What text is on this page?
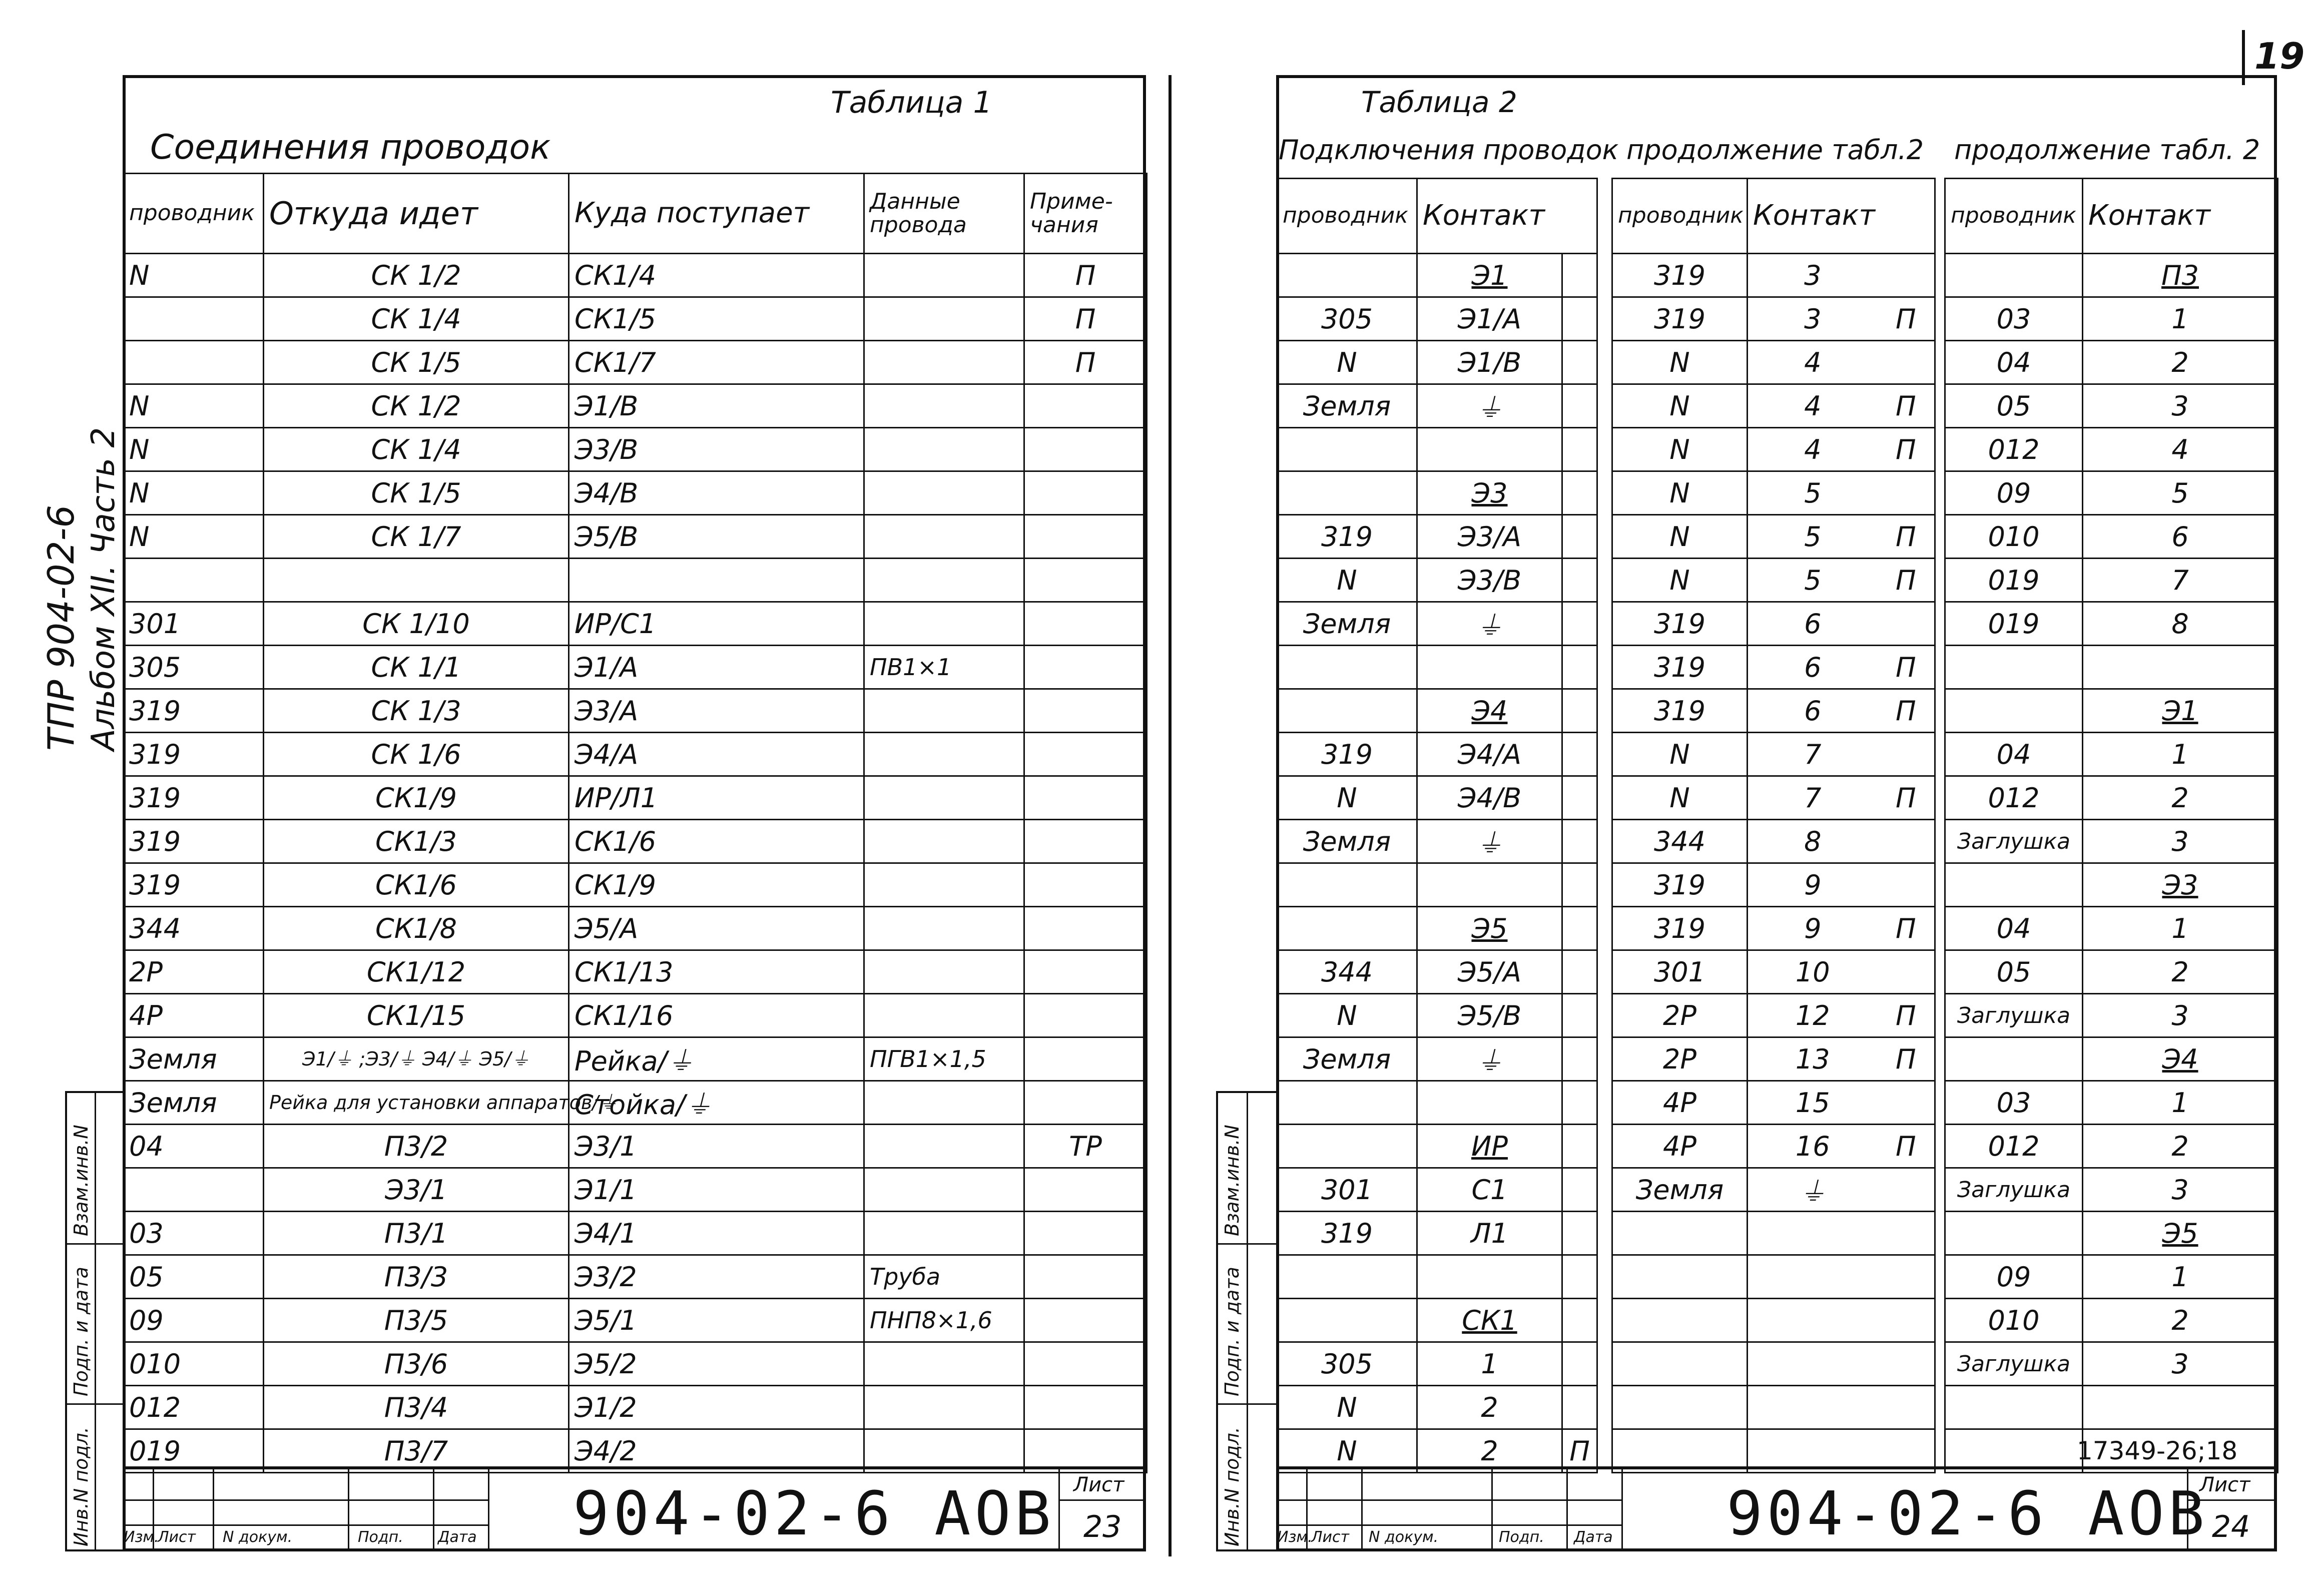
19
ТПР 904-02-6 Альбом XII. Часть 2
Инв.N подл.
Подп. и дата
Взам.инв.N
Таблица 1
Соединения проводок
проводник	Откуда идет	Куда поступает	Данные провода	Приме-чания
N	СК 1/2	СК1/4		П
	СК 1/4	СК1/5		П
	СК 1/5	СК1/7		П
N	СК 1/2	Э1/В		
N	СК 1/4	Э3/В		
N	СК 1/5	Э4/В		
N	СК 1/7	Э5/В		

301	СК 1/10	ИР/С1		
305	СК 1/1	Э1/А	ПВ1×1	
319	СК 1/3	Э3/А		
319	СК 1/6	Э4/А		
319	СК1/9	ИР/Л1		
319	СК1/3	СК1/6		
319	СК1/6	СК1/9		
344	СК1/8	Э5/А		
2Р	СК1/12	СК1/13		
4Р	СК1/15	СК1/16		
Земля	Э1/⏚ ;Э3/⏚ Э4/⏚ Э5/⏚	Рейка/⏚	ПГВ1×1,5	
Земля	Рейка для установки аппаратов/⏚	Стойка/⏚		
04	П3/2	Э3/1		ТР
	Э3/1	Э1/1		
03	П3/1	Э4/1		
05	П3/3	Э3/2	Труба	
09	П3/5	Э5/1	ПНП8×1,6	
010	П3/6	Э5/2		
012	П3/4	Э1/2		
019	П3/7	Э4/2		
Изм.
Лист N докум.	Подп. Дата 904-02-6 АОВ Лист
23	Инв.N подл.
Подп. и дата
Взам.инв.N
Таблица 2
Подключения проводок продолжение табл.2 продолжение табл. 2
проводник	Контакт	
	Э1	
305	Э1/А	
N	Э1/В	
Земля	⏚	

	Э3	
319	Э3/А	
N	Э3/В	
Земля	⏚	

	Э4	
319	Э4/А	
N	Э4/В	
Земля	⏚	

	Э5	
344	Э5/А	
N	Э5/В	
Земля	⏚	

	ИР	
301	С1	
319	Л1	

	СК1	
305	1	
N	2	
N	2	П
проводник	Контакт	
319	3	
319	3	П
N	4	
N	4	П
N	4	П
N	5	
N	5	П
N	5	П
319	6	
319	6	П
319	6	П
N	7	
N	7	П
344	8	
319	9	
319	9	П
301	10	
2Р	12	П
2Р	13	П
4Р	15	
4Р	16	П
Земля	⏚	

проводник	Контакт
	П3
03	1
04	2
05	3
012	4
09	5
010	6
019	7
019	8

	Э1
04	1
012	2
Заглушка	3
	Э3
04	1
05	2
Заглушка	3
	Э4
03	1
012	2
Заглушка	3
	Э5
09	1
010	2
Заглушка	3

17349-26;18
Изм.
Лист N докум.	Подп. Дата 904-02-6 АОВ
Лист
24
